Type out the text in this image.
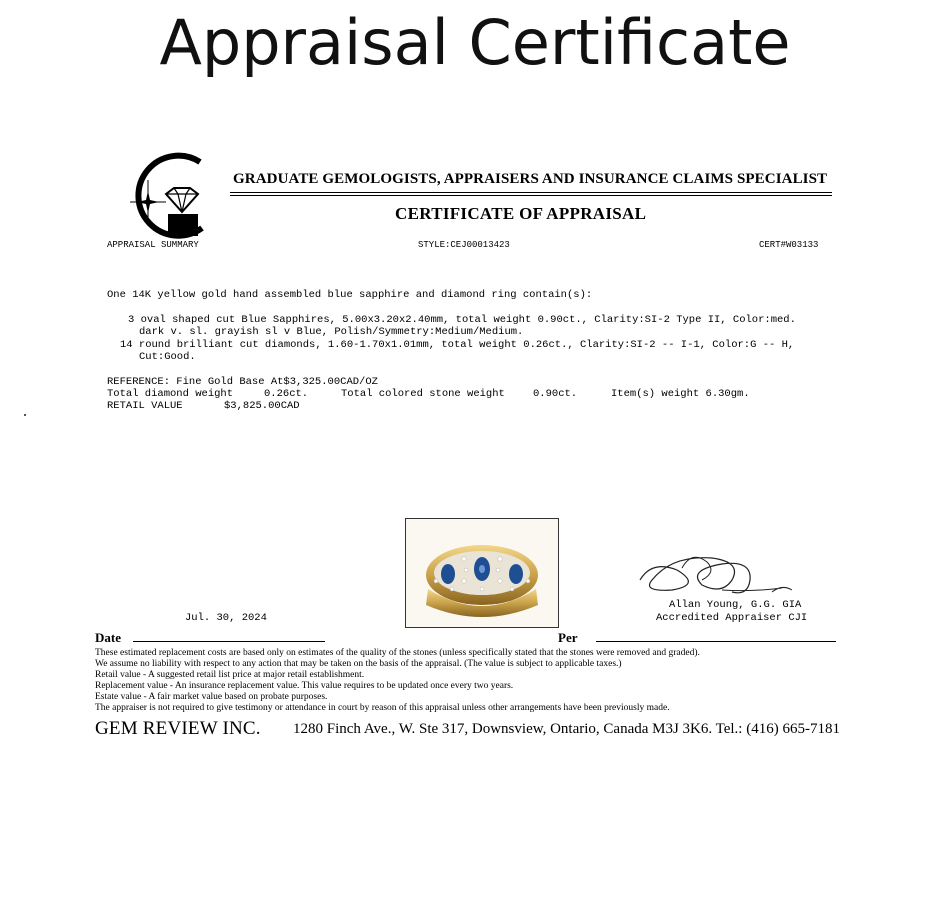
Appraisal Certificate
GRADUATE GEMOLOGISTS, APPRAISERS AND INSURANCE CLAIMS SPECIALIST
CERTIFICATE OF APPRAISAL
APPRAISAL SUMMARY	STYLE:CEJ00013423	CERT#W03133
One 14K yellow gold hand assembled blue sapphire and diamond ring contain(s):
3 oval shaped cut Blue Sapphires, 5.00x3.20x2.40mm, total weight 0.90ct., Clarity:SI-2 Type II, Color:med.
dark v. sl. grayish sl v Blue, Polish/Symmetry:Medium/Medium.
14 round brilliant cut diamonds, 1.60-1.70x1.01mm, total weight 0.26ct., Clarity:SI-2 -- I-1, Color:G -- H,
Cut:Good.
REFERENCE: Fine Gold Base At$3,325.00CAD/OZ
Total diamond weight	0.26ct.	Total colored stone weight	0.90ct.	Item(s) weight 6.30gm.
RETAIL VALUE	$3,825.00CAD
Jul. 30, 2024
Allan Young, G.G. GIA
Accredited Appraiser CJI
Date	Per
These estimated replacement costs are based only on estimates of the quality of the stones (unless specifically stated that the stones were removed and graded).
We assume no liability with respect to any action that may be taken on the basis of the appraisal. (The value is subject to applicable taxes.)
Retail value - A suggested retail list price at major retail establishment.
Replacement value - An insurance replacement value. This value requires to be updated once every two years.
Estate value - A fair market value based on probate purposes.
The appraiser is not required to give testimony or attendance in court by reason of this appraisal unless other arrangements have been previously made.
GEM REVIEW INC. 1280 Finch Ave., W. Ste 317, Downsview, Ontario, Canada M3J 3K6. Tel.: (416) 665-7181
